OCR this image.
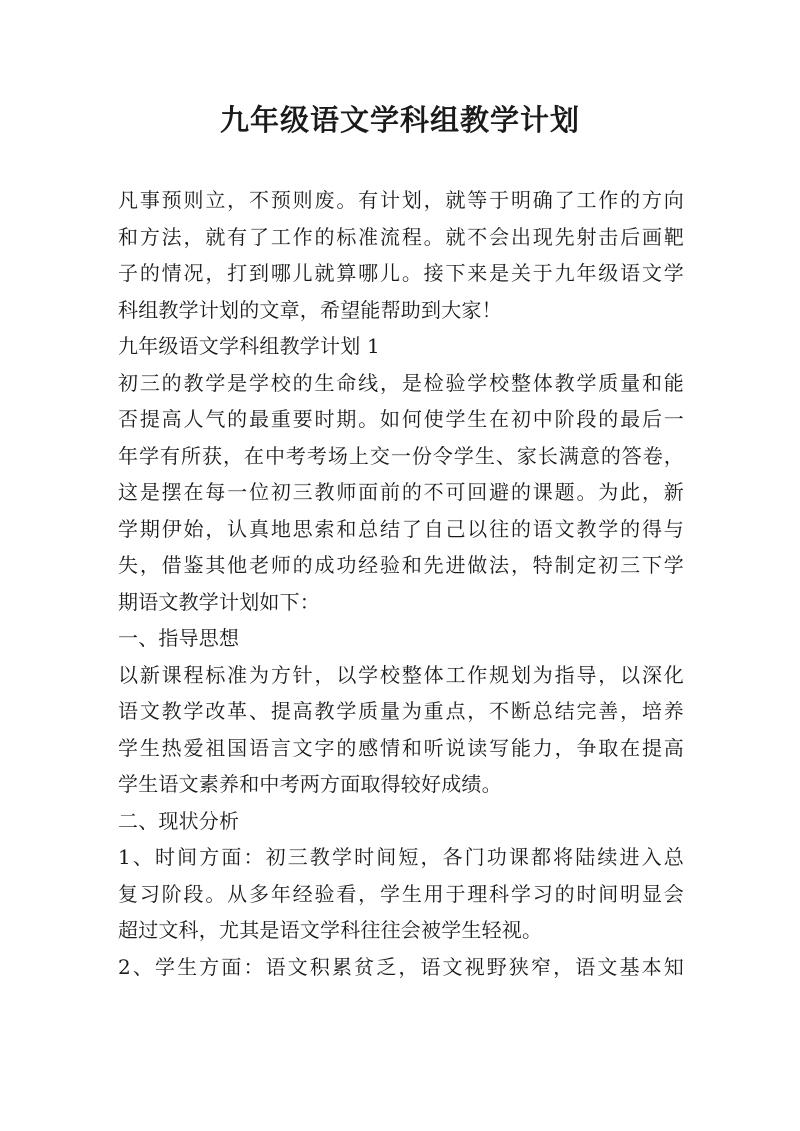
九年级语文学科组教学计划
凡事预则立，不预则废。有计划，就等于明确了工作的方向
和方法，就有了工作的标准流程。就不会出现先射击后画靶
子的情况，打到哪儿就算哪儿。接下来是关于九年级语文学
科组教学计划的文章，希望能帮助到大家！
九年级语文学科组教学计划 1
初三的教学是学校的生命线，是检验学校整体教学质量和能
否提高人气的最重要时期。如何使学生在初中阶段的最后一
年学有所获，在中考考场上交一份令学生、家长满意的答卷，
这是摆在每一位初三教师面前的不可回避的课题。为此，新
学期伊始，认真地思索和总结了自己以往的语文教学的得与
失，借鉴其他老师的成功经验和先进做法，特制定初三下学
期语文教学计划如下：
一、指导思想
以新课程标准为方针，以学校整体工作规划为指导，以深化
语文教学改革、提高教学质量为重点，不断总结完善，培养
学生热爱祖国语言文字的感情和听说读写能力，争取在提高
学生语文素养和中考两方面取得较好成绩。
二、现状分析
1、时间方面：初三教学时间短，各门功课都将陆续进入总
复习阶段。从多年经验看，学生用于理科学习的时间明显会
超过文科，尤其是语文学科往往会被学生轻视。
2、学生方面：语文积累贫乏，语文视野狭窄，语文基本知
